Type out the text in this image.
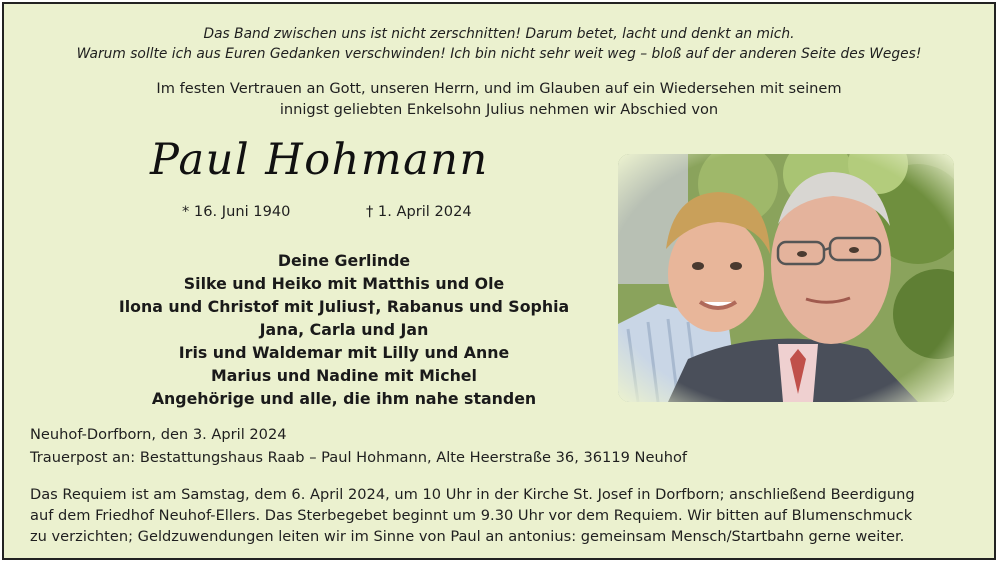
Das Band zwischen uns ist nicht zerschnitten! Darum betet, lacht und denkt an mich.
Warum sollte ich aus Euren Gedanken verschwinden! Ich bin nicht sehr weit weg – bloß auf der anderen Seite des Weges!
Im festen Vertrauen an Gott, unseren Herrn, und im Glauben auf ein Wiedersehen mit seinem
innigst geliebten Enkelsohn Julius nehmen wir Abschied von
Paul Hohmann
* 16. Juni 1940	† 1. April 2024
Deine Gerlinde
Silke und Heiko mit Matthis und Ole
Ilona und Christof mit Julius†, Rabanus und Sophia
Jana, Carla und Jan
Iris und Waldemar mit Lilly und Anne
Marius und Nadine mit Michel
Angehörige und alle, die ihm nahe standen
Neuhof-Dorfborn, den 3. April 2024
Trauerpost an: Bestattungshaus Raab – Paul Hohmann, Alte Heerstraße 36, 36119 Neuhof
Das Requiem ist am Samstag, dem 6. April 2024, um 10 Uhr in der Kirche St. Josef in Dorfborn; anschließend Beerdigung
auf dem Friedhof Neuhof-Ellers. Das Sterbegebet beginnt um 9.30 Uhr vor dem Requiem. Wir bitten auf Blumenschmuck
zu verzichten; Geldzuwendungen leiten wir im Sinne von Paul an antonius: gemeinsam Mensch/Startbahn gerne weiter.
